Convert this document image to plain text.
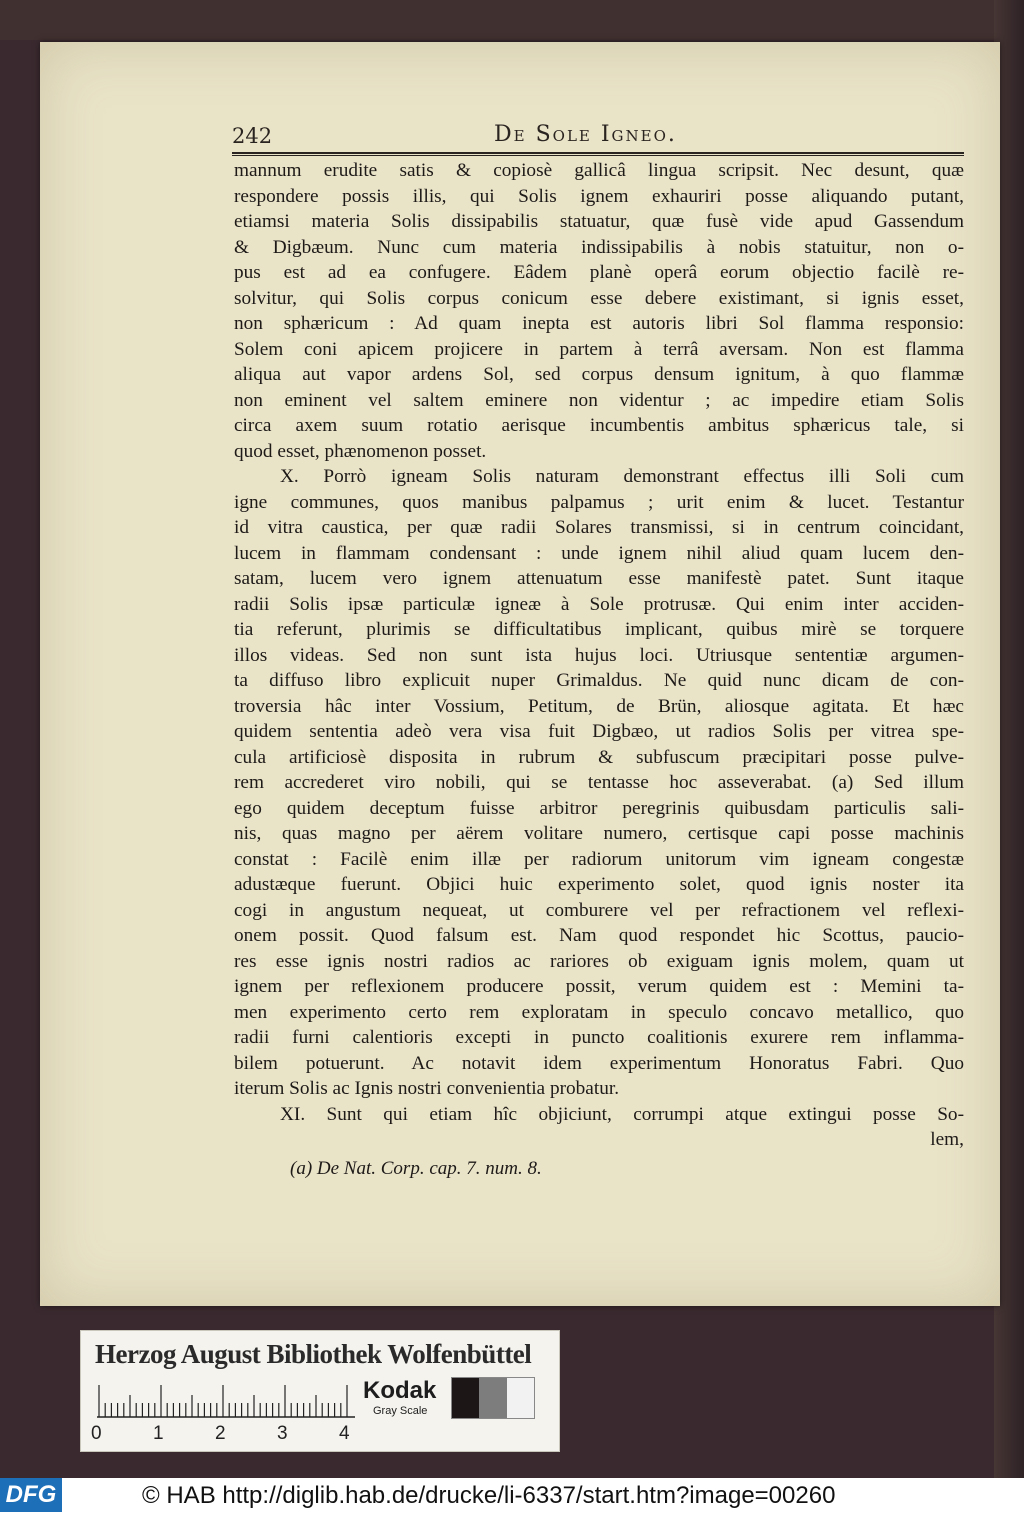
242	De Sole Igneo.
mannum erudite satis & copiosè gallicâ lingua scripsit. Nec desunt, quæ
respondere possis illis, qui Solis ignem exhauriri posse aliquando putant,
etiamsi materia Solis dissipabilis statuatur, quæ fusè vide apud Gassendum
& Digbæum. Nunc cum materia indissipabilis à nobis statuitur, non o-
pus est ad ea confugere. Eâdem planè operâ eorum objectio facilè re-
solvitur, qui Solis corpus conicum esse debere existimant, si ignis esset,
non sphæricum : Ad quam inepta est autoris libri Sol flamma responsio:
Solem coni apicem projicere in partem à terrâ aversam. Non est flamma
aliqua aut vapor ardens Sol, sed corpus densum ignitum, à quo flammæ
non eminent vel saltem eminere non videntur ; ac impedire etiam Solis
circa axem suum rotatio aerisque incumbentis ambitus sphæricus tale, si
quod esset, phænomenon posset.
X. Porrò igneam Solis naturam demonstrant effectus illi Soli cum
igne communes, quos manibus palpamus ; urit enim & lucet. Testantur
id vitra caustica, per quæ radii Solares transmissi, si in centrum coincidant,
lucem in flammam condensant : unde ignem nihil aliud quam lucem den-
satam, lucem vero ignem attenuatum esse manifestè patet. Sunt itaque
radii Solis ipsæ particulæ igneæ à Sole protrusæ. Qui enim inter acciden-
tia referunt, plurimis se difficultatibus implicant, quibus mirè se torquere
illos videas. Sed non sunt ista hujus loci. Utriusque sententiæ argumen-
ta diffuso libro explicuit nuper Grimaldus. Ne quid nunc dicam de con-
troversia hâc inter Vossium, Petitum, de Brün, aliosque agitata. Et hæc
quidem sententia adeò vera visa fuit Digbæo, ut radios Solis per vitrea spe-
cula artificiosè disposita in rubrum & subfuscum præcipitari posse pulve-
rem accrederet viro nobili, qui se tentasse hoc asseverabat. (a) Sed illum
ego quidem deceptum fuisse arbitror peregrinis quibusdam particulis sali-
nis, quas magno per aërem volitare numero, certisque capi posse machinis
constat : Facilè enim illæ per radiorum unitorum vim igneam congestæ
adustæque fuerunt. Objici huic experimento solet, quod ignis noster ita
cogi in angustum nequeat, ut comburere vel per refractionem vel reflexi-
onem possit. Quod falsum est. Nam quod respondet hic Scottus, paucio-
res esse ignis nostri radios ac rariores ob exiguam ignis molem, quam ut
ignem per reflexionem producere possit, verum quidem est : Memini ta-
men experimento certo rem exploratam in speculo concavo metallico, quo
radii furni calentioris excepti in puncto coalitionis exurere rem inflamma-
bilem potuerunt. Ac notavit idem experimentum Honoratus Fabri. Quo
iterum Solis ac Ignis nostri convenientia probatur.
XI. Sunt qui etiam hîc objiciunt, corrumpi atque extingui posse So-
lem,
(a) De Nat. Corp. cap. 7. num. 8.
Herzog August Bibliothek Wolfenbüttel
0	1	2	3	4
Kodak
Gray Scale
DFG	© HAB http://diglib.hab.de/drucke/li-6337/start.htm?image=00260
